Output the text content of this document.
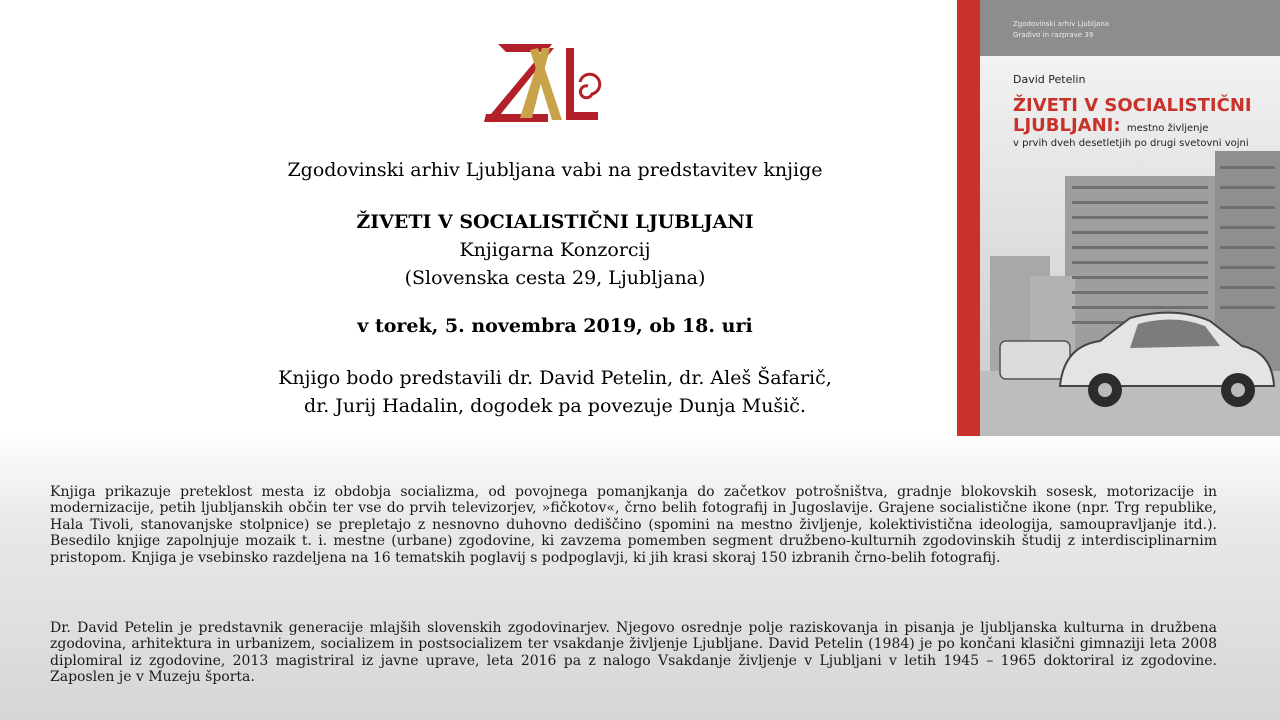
Zgodovinski arhiv Ljubljana vabi na predstavitev knjige
ŽIVETI V SOCIALISTIČNI LJUBLJANI
Knjigarna Konzorcij
(Slovenska cesta 29, Ljubljana)
v torek, 5. novembra 2019, ob 18. uri
Knjigo bodo predstavili dr. David Petelin, dr. Aleš Šafarič,
dr. Jurij Hadalin, dogodek pa povezuje Dunja Mušič.
Zgodovinski arhiv Ljubljana
Gradivo in razprave 39
David Petelin
ŽIVETI V SOCIALISTIČNI
LJUBLJANI: mestno življenje
v prvih dveh desetletjih po drugi svetovni vojni
Knjiga prikazuje preteklost mesta iz obdobja socializma, od povojnega pomanjkanja do začetkov potrošništva, gradnje blokovskih sosesk, motorizacije in modernizacije, petih ljubljanskih občin ter vse do prvih televizorjev, »fičkotov«, črno belih fotografij in Jugoslavije. Grajene socialistične ikone (npr. Trg republike, Hala Tivoli, stanovanjske stolpnice) se prepletajo z nesnovno duhovno dediščino (spomini na mestno življenje, kolektivistična ideologija, samoupravljanje itd.). Besedilo knjige zapolnjuje mozaik t. i. mestne (urbane) zgodovine, ki zavzema pomemben segment družbeno-kulturnih zgodovinskih študij z interdisciplinarnim pristopom. Knjiga je vsebinsko razdeljena na 16 tematskih poglavij s podpoglavji, ki jih krasi skoraj 150 izbranih črno-belih fotografij.
Dr. David Petelin je predstavnik generacije mlajših slovenskih zgodovinarjev. Njegovo osrednje polje raziskovanja in pisanja je ljubljanska kulturna in družbena zgodovina, arhitektura in urbanizem, socializem in postsocializem ter vsakdanje življenje Ljubljane. David Petelin (1984) je po končani klasični gimnaziji leta 2008 diplomiral iz zgodovine, 2013 magistriral iz javne uprave, leta 2016 pa z nalogo Vsakdanje življenje v Ljubljani v letih 1945 – 1965 doktoriral iz zgodovine. Zaposlen je v Muzeju športa.
